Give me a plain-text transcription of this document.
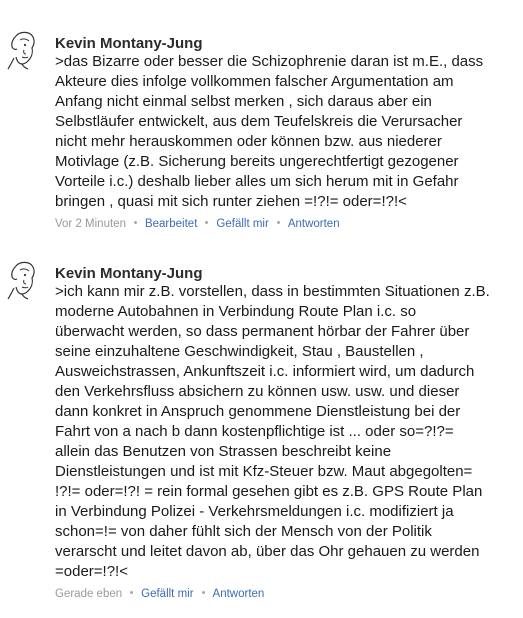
Kevin Montany-Jung
>das Bizarre oder besser die Schizophrenie daran ist m.E., dass
Akteure dies infolge vollkommen falscher Argumentation am
Anfang nicht einmal selbst merken , sich daraus aber ein
Selbstläufer entwickelt, aus dem Teufelskreis die Verursacher
nicht mehr herauskommen oder können bzw. aus niederer
Motivlage (z.B. Sicherung bereits ungerechtfertigt gezogener
Vorteile i.c.) deshalb lieber alles um sich herum mit in Gefahr
bringen , quasi mit sich runter ziehen =!?!= oder=!?!<
Vor 2 Minuten Bearbeitet Gefällt mir Antworten
Kevin Montany-Jung
>ich kann mir z.B. vorstellen, dass in bestimmten Situationen z.B.
moderne Autobahnen in Verbindung Route Plan i.c. so
überwacht werden, so dass permanent hörbar der Fahrer über
seine einzuhaltene Geschwindigkeit, Stau , Baustellen ,
Ausweichstrassen, Ankunftszeit i.c. informiert wird, um dadurch
den Verkehrsfluss absichern zu können usw. usw. und dieser
dann konkret in Anspruch genommene Dienstleistung bei der
Fahrt von a nach b dann kostenpflichtige ist ... oder so=?!?=
allein das Benutzen von Strassen beschreibt keine
Dienstleistungen und ist mit Kfz-Steuer bzw. Maut abgegolten=
!?!= oder=!?! = rein formal gesehen gibt es z.B. GPS Route Plan
in Verbindung Polizei - Verkehrsmeldungen i.c. modifiziert ja
schon=!= von daher fühlt sich der Mensch von der Politik
verarscht und leitet davon ab, über das Ohr gehauen zu werden
=oder=!?!<
Gerade eben Gefällt mir Antworten
